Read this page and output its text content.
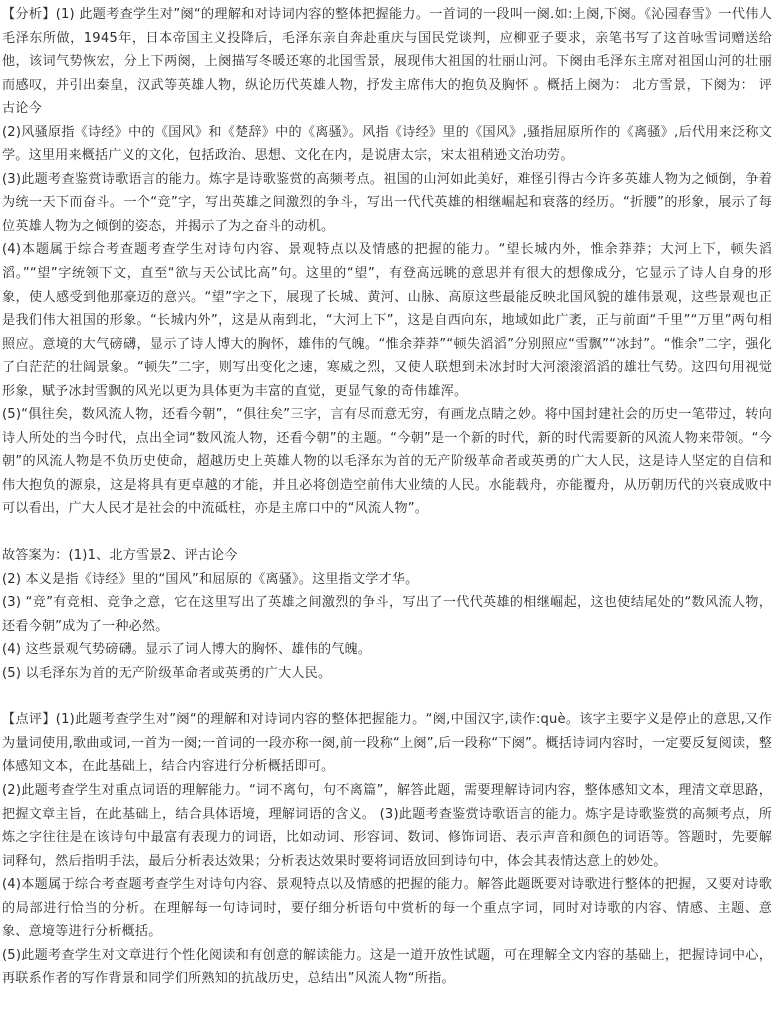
【分析】(1) 此题考查学生对”阕“的理解和对诗词内容的整体把握能力。一首词的一段叫一阕.如:上阕,下阕。《沁园春雪》一代伟人毛泽东所做，1945年，日本帝国主义投降后，毛泽东亲自奔赴重庆与国民党谈判，应柳亚子要求，亲笔书写了这首咏雪词赠送给他，该词气势恢宏，分上下两阕，上阕描写冬暖还寒的北国雪景，展现伟大祖国的壮丽山河。下阕由毛泽东主席对祖国山河的壮丽而感叹，并引出秦皇，汉武等英雄人物，纵论历代英雄人物，抒发主席伟大的抱负及胸怀 。概括上阕为： 北方雪景，下阕为： 评古论今

(2)风骚原指《诗经》中的《国风》和《楚辞》中的《离骚》。风指《诗经》里的《国风》,骚指屈原所作的《离骚》,后代用来泛称文学。这里用来概括广义的文化，包括政治、思想、文化在内，是说唐太宗，宋太祖稍逊文治功劳。

(3)此题考查鉴赏诗歌语言的能力。炼字是诗歌鉴赏的高频考点。祖国的山河如此美好，难怪引得古今许多英雄人物为之倾倒，争着为统一天下而奋斗。一个“竞”字，写出英雄之间激烈的争斗，写出一代代英雄的相继崛起和衰落的经历。“折腰”的形象，展示了每位英雄人物为之倾倒的姿态，并揭示了为之奋斗的动机。

(4)本题属于综合考查题考查学生对诗句内容、景观特点以及情感的把握的能力。“望长城内外，惟余莽莽；大河上下，顿失滔滔。”“望”字统领下文，直至“欲与天公试比高”句。这里的“望”，有登高远眺的意思并有很大的想像成分，它显示了诗人自身的形象，使人感受到他那豪迈的意兴。“望”字之下，展现了长城、黄河、山脉、高原这些最能反映北国风貌的雄伟景观，这些景观也正是我们伟大祖国的形象。“长城内外”，这是从南到北，“大河上下”，这是自西向东，地域如此广袤，正与前面“千里”“万里”两句相照应。意境的大气磅礴，显示了诗人博大的胸怀，雄伟的气魄。“惟余莽莽”“顿失滔滔”分别照应“雪飘”“冰封”。“惟余”二字，强化了白茫茫的壮阔景象。“顿失”二字，则写出变化之速，寒威之烈，又使人联想到未冰封时大河滚滚滔滔的雄壮气势。这四句用视觉形象，赋予冰封雪飘的风光以更为具体更为丰富的直觉，更显气象的奇伟雄浑。

(5)“俱往矣，数风流人物，还看今朝”，“俱往矣”三字，言有尽而意无穷，有画龙点睛之妙。将中国封建社会的历史一笔带过，转向诗人所处的当今时代，点出全词“数风流人物，还看今朝”的主题。“今朝”是一个新的时代，新的时代需要新的风流人物来带领。“今朝”的风流人物是不负历史使命，超越历史上英雄人物的以毛泽东为首的无产阶级革命者或英勇的广大人民，这是诗人坚定的自信和伟大抱负的源泉，这是将具有更卓越的才能，并且必将创造空前伟大业绩的人民。水能载舟，亦能覆舟，从历朝历代的兴衰成败中可以看出，广大人民才是社会的中流砥柱，亦是主席口中的“风流人物”。

故答案为：(1)1、北方雪景2、评古论今

(2) 本义是指《诗经》里的“国风”和屈原的《离骚》。这里指文学才华。

(3) “竞”有竞相、竞争之意，它在这里写出了英雄之间激烈的争斗，写出了一代代英雄的相继崛起，这也使结尾处的“数风流人物，还看今朝”成为了一种必然。

(4) 这些景观气势磅礴。显示了词人博大的胸怀、雄伟的气魄。

(5) 以毛泽东为首的无产阶级革命者或英勇的广大人民。

【点评】(1)此题考查学生对”阕“的理解和对诗词内容的整体把握能力。“阕,中国汉字,读作:què。该字主要字义是停止的意思,又作为量词使用,歌曲或词,一首为一阕;一首词的一段亦称一阕,前一段称“上阕”,后一段称“下阕”。概括诗词内容时，一定要反复阅读，整体感知文本，在此基础上，结合内容进行分析概括即可。

(2)此题考查学生对重点词语的理解能力。“词不离句，句不离篇”，解答此题，需要理解诗词内容，整体感知文本，理清文章思路，把握文章主旨，在此基础上，结合具体语境，理解词语的含义。 (3)此题考查鉴赏诗歌语言的能力。炼字是诗歌鉴赏的高频考点，所炼之字往往是在该诗句中最富有表现力的词语，比如动词、形容词、数词、修饰词语、表示声音和颜色的词语等。答题时，先要解词释句，然后指明手法，最后分析表达效果；分析表达效果时要将词语放回到诗句中，体会其表情达意上的妙处。

(4)本题属于综合考查题考查学生对诗句内容、景观特点以及情感的把握的能力。解答此题既要对诗歌进行整体的把握，又要对诗歌的局部进行恰当的分析。在理解每一句诗词时，要仔细分析语句中赏析的每一个重点字词，同时对诗歌的内容、情感、主题、意象、意境等进行分析概括。

(5)此题考查学生对文章进行个性化阅读和有创意的解读能力。这是一道开放性试题，可在理解全文内容的基础上，把握诗词中心，再联系作者的写作背景和同学们所熟知的抗战历史，总结出”风流人物“所指。
